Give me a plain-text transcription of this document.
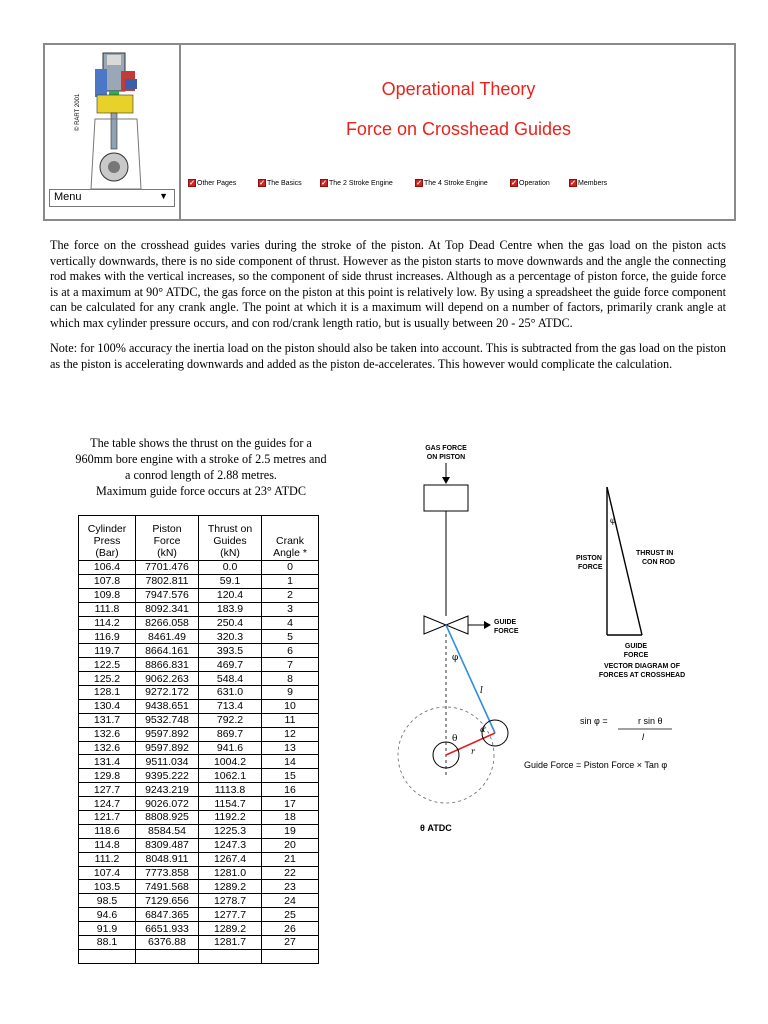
© RART 2001
Menu	▼
Operational Theory
Force on Crosshead Guides
✓ Other Pages	✓ The Basics	✓ The 2 Stroke Engine	✓ The 4 Stroke Engine	✓ Operation	✓ Members
The force on the crosshead guides varies during the stroke of the piston. At Top Dead Centre when the gas load on the piston acts vertically downwards, there is no side component of thrust. However as the piston starts to move downwards and the angle the connecting rod makes with the vertical increases, so the component of side thrust increases. Although as a percentage of piston force, the guide force is at a maximum at 90° ATDC, the gas force on the piston at this point is relatively low. By using a spreadsheet the guide force component can be calculated for any crank angle. The point at which it is a maximum will depend on a number of factors, primarily crank angle at which max cylinder pressure occurs, and con rod/crank length ratio, but is usually between 20 - 25° ATDC.
Note: for 100% accuracy the inertia load on the piston should also be taken into account. This is subtracted from the gas load on the piston as the piston is accelerating downwards and added as the piston de-accelerates. This however would complicate the calculation.
The table shows the thrust on the guides for a
960mm bore engine with a stroke of 2.5 metres and
a conrod length of 2.88 metres.
Maximum guide force occurs at 23° ATDC
Cylinder
Press
(Bar)	Piston
Force
(kN)	Thrust on
Guides
(kN)	Crank
Angle *
106.4	7701.476	0.0	0
107.8	7802.811	59.1	1
109.8	7947.576	120.4	2
111.8	8092.341	183.9	3
114.2	8266.058	250.4	4
116.9	8461.49	320.3	5
119.7	8664.161	393.5	6
122.5	8866.831	469.7	7
125.2	9062.263	548.4	8
128.1	9272.172	631.0	9
130.4	9438.651	713.4	10
131.7	9532.748	792.2	11
132.6	9597.892	869.7	12
132.6	9597.892	941.6	13
131.4	9511.034	1004.2	14
129.8	9395.222	1062.1	15
127.7	9243.219	1113.8	16
124.7	9026.072	1154.7	17
121.7	8808.925	1192.2	18
118.6	8584.54	1225.3	19
114.8	8309.487	1247.3	20
111.2	8048.911	1267.4	21
107.4	7773.858	1281.0	22
103.5	7491.568	1289.2	23
98.5	7129.656	1278.7	24
94.6	6847.365	1277.7	25
91.9	6651.933	1289.2	26
88.1	6376.88	1281.7	27

GAS FORCE
ON PISTON
GUIDE
FORCE
φ
l
θ
α
r
θ ATDC
φ
PISTON
FORCE
THRUST IN
CON ROD
GUIDE
FORCE
VECTOR DIAGRAM OF
FORCES AT CROSSHEAD
sin φ =	r sin θ
l
Guide Force = Piston Force × Tan φ
